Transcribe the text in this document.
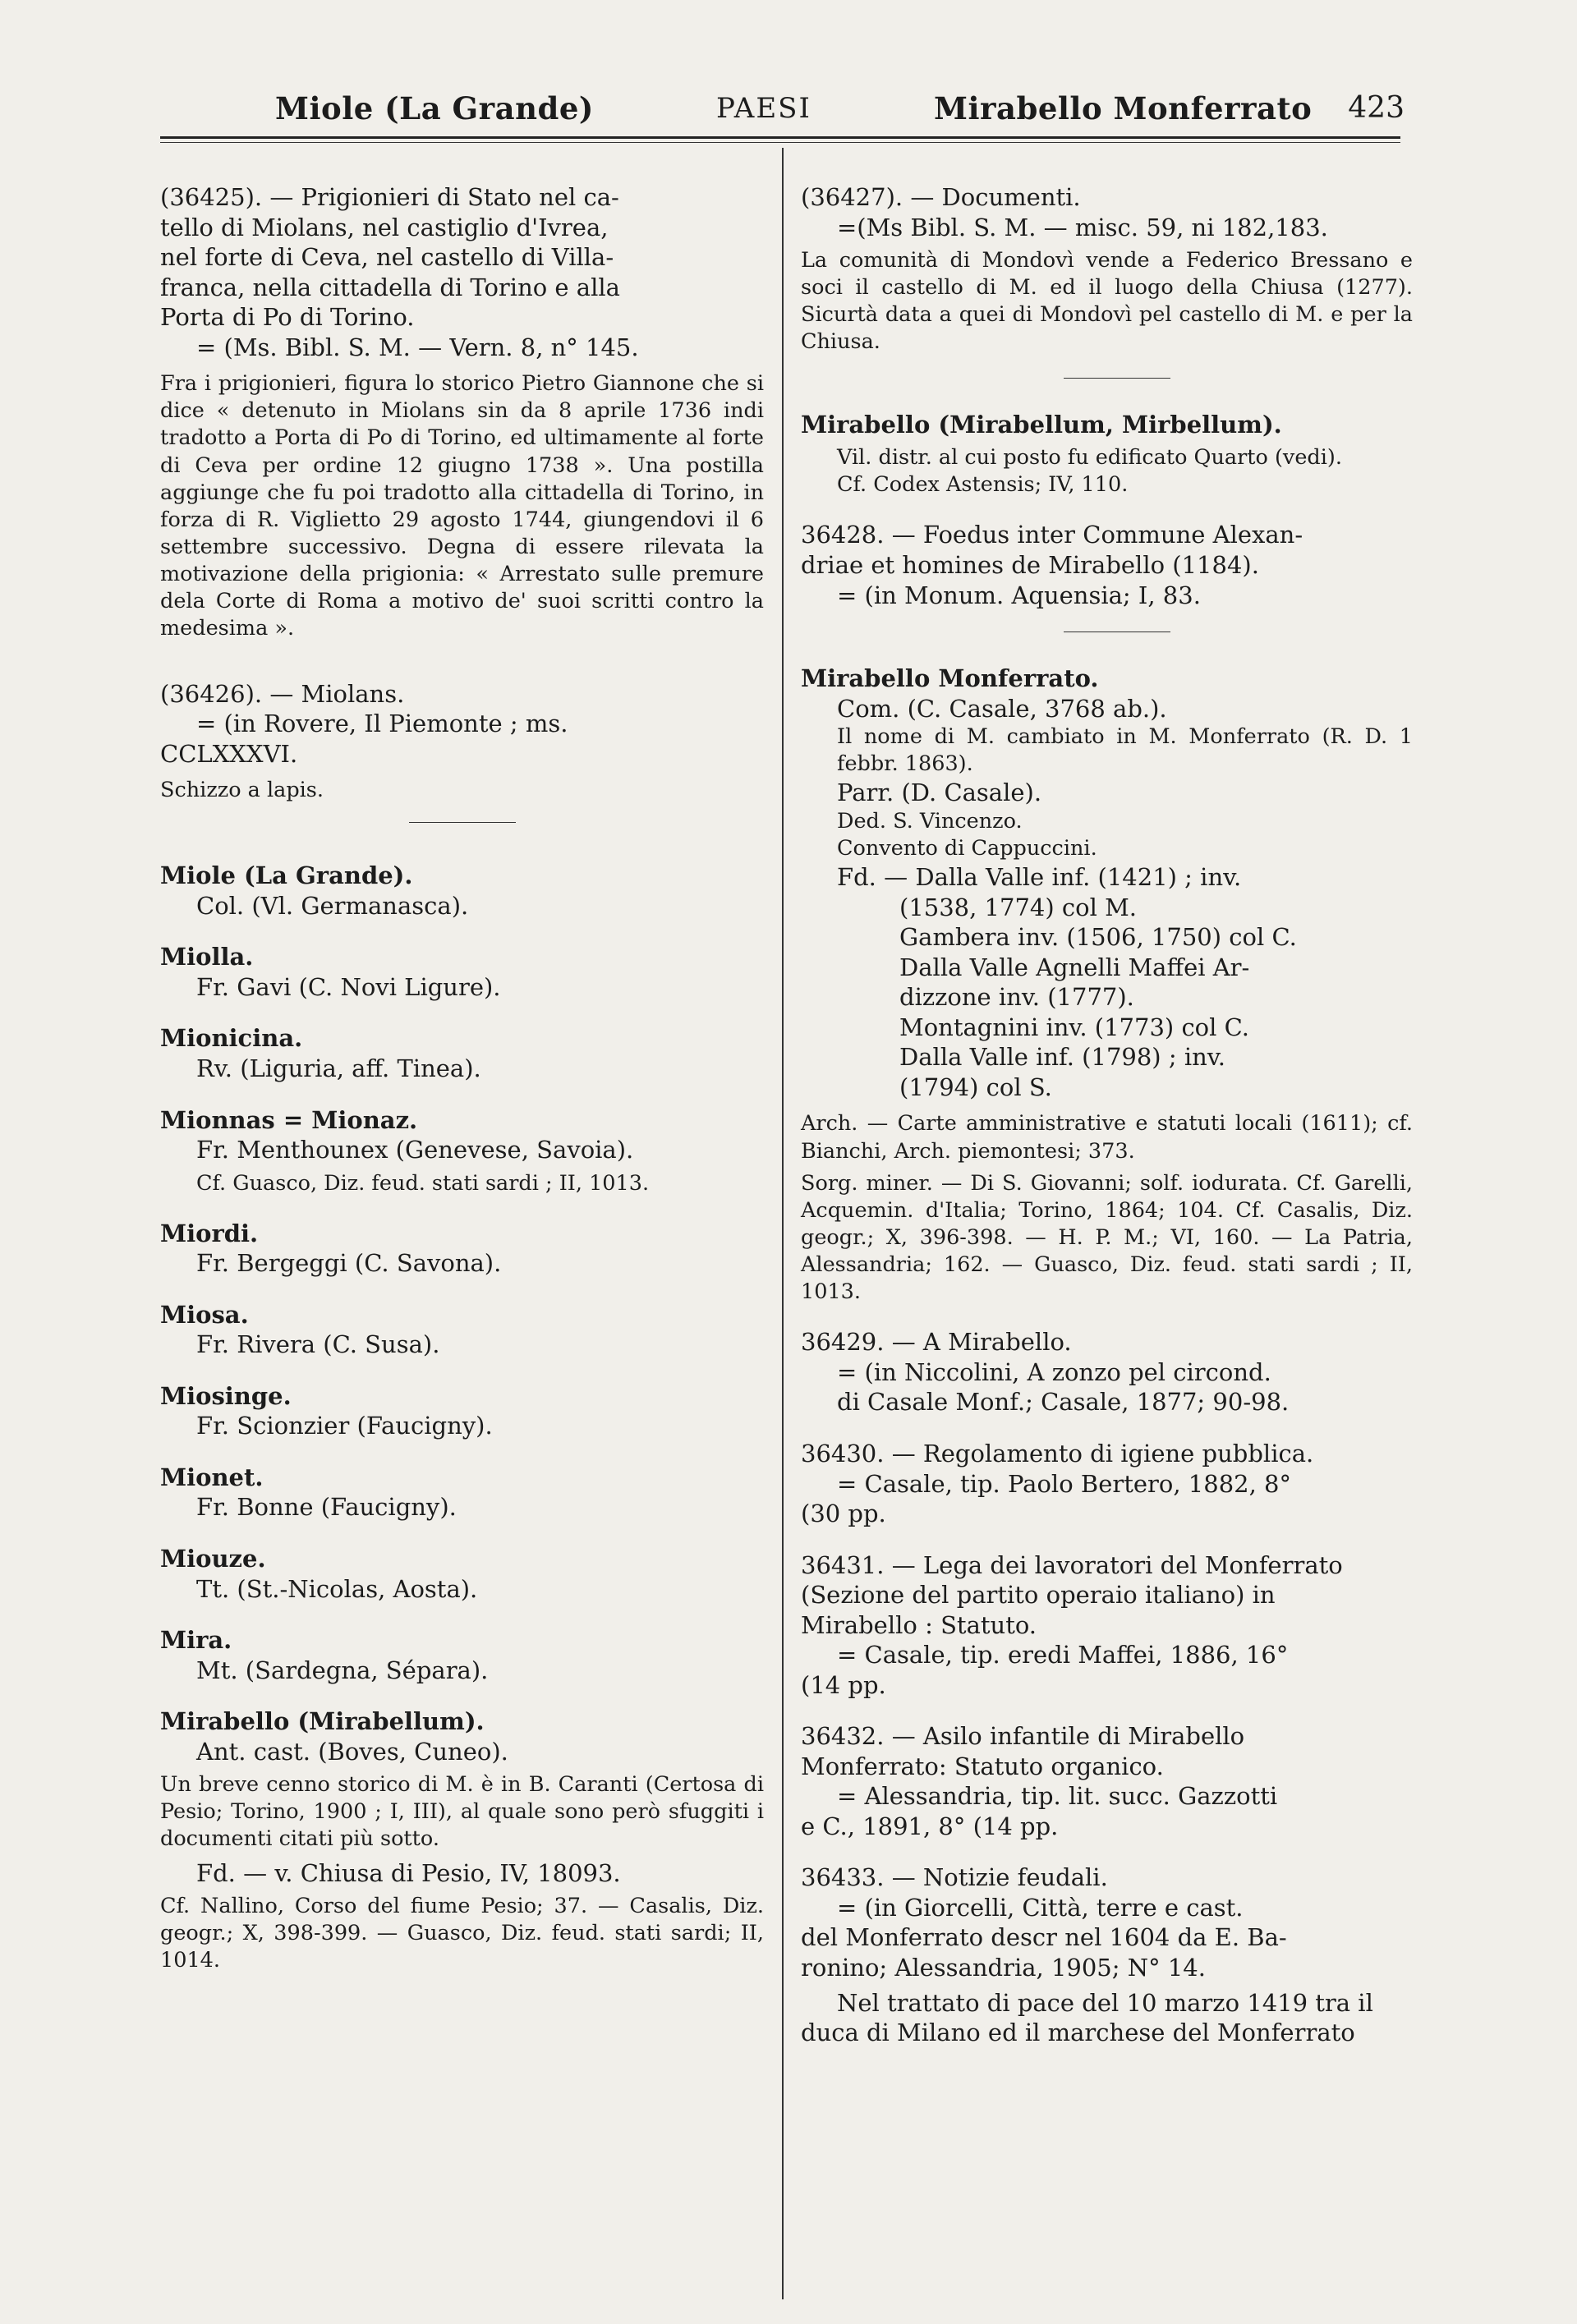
Miole (La Grande)	PAESI	Mirabello Monferrato 423

(36425). — Prigionieri di Stato nel ca-

tello di Miolans, nel castiglio d'Ivrea,

nel forte di Ceva, nel castello di Villa-

franca, nella cittadella di Torino e alla

Porta di Po di Torino.

= (Ms. Bibl. S. M. — Vern. 8, n° 145.

Fra i prigionieri, figura lo storico Pietro Giannone che si dice « detenuto in Miolans sin da 8 aprile 1736 indi tradotto a Porta di Po di Torino, ed ultimamente al forte di Ceva per ordine 12 giugno 1738 ». Una postilla aggiunge che fu poi tradotto alla cittadella di Torino, in forza di R. Viglietto 29 agosto 1744, giungendovi il 6 settembre successivo. Degna di essere rilevata la motivazione della prigionia: « Arrestato sulle premure dela Corte di Roma a motivo de' suoi scritti contro la medesima ».

(36426). — Miolans.

= (in Rovere, Il Piemonte ; ms.

CCLXXXVI.

Schizzo a lapis.

Miole (La Grande).

Col. (Vl. Germanasca).

Miolla.

Fr. Gavi (C. Novi Ligure).

Mionicina.

Rv. (Liguria, aff. Tinea).

Mionnas = Mionaz.

Fr. Menthounex (Genevese, Savoia).

Cf. Guasco, Diz. feud. stati sardi ; II, 1013.

Miordi.

Fr. Bergeggi (C. Savona).

Miosa.

Fr. Rivera (C. Susa).

Miosinge.

Fr. Scionzier (Faucigny).

Mionet.

Fr. Bonne (Faucigny).

Miouze.

Tt. (St.-Nicolas, Aosta).

Mira.

Mt. (Sardegna, Sépara).

Mirabello (Mirabellum).

Ant. cast. (Boves, Cuneo).

Un breve cenno storico di M. è in B. Caranti (Certosa di Pesio; Torino, 1900 ; I, III), al quale sono però sfuggiti i documenti citati più sotto.

Fd. — v. Chiusa di Pesio, IV, 18093.

Cf. Nallino, Corso del fiume Pesio; 37. — Casalis, Diz. geogr.; X, 398-399. — Guasco, Diz. feud. stati sardi; II, 1014.

(36427). — Documenti.

=(Ms Bibl. S. M. — misc. 59, ni 182,183.

La comunità di Mondovì vende a Federico Bressano e soci il castello di M. ed il luogo della Chiusa (1277). Sicurtà data a quei di Mondovì pel castello di M. e per la Chiusa.

Mirabello (Mirabellum, Mirbellum).

Vil. distr. al cui posto fu edificato Quarto (vedi).

Cf. Codex Astensis; IV, 110.

36428. — Foedus inter Commune Alexan-

driae et homines de Mirabello (1184).

= (in Monum. Aquensia; I, 83.

Mirabello Monferrato.

Com. (C. Casale, 3768 ab.).

Il nome di M. cambiato in M. Monferrato (R. D. 1 febbr. 1863).

Parr. (D. Casale).

Ded. S. Vincenzo.

Convento di Cappuccini.

Fd. — Dalla Valle inf. (1421) ; inv.

(1538, 1774) col M.

Gambera inv. (1506, 1750) col C.

Dalla Valle Agnelli Maffei Ar-

dizzone inv. (1777).

Montagnini inv. (1773) col C.

Dalla Valle inf. (1798) ; inv.

(1794) col S.

Arch. — Carte amministrative e statuti locali (1611); cf. Bianchi, Arch. piemontesi; 373.

Sorg. miner. — Di S. Giovanni; solf. iodurata. Cf. Garelli, Acquemin. d'Italia; Torino, 1864; 104. Cf. Casalis, Diz. geogr.; X, 396-398. — H. P. M.; VI, 160. — La Patria, Alessandria; 162. — Guasco, Diz. feud. stati sardi ; II, 1013.

36429. — A Mirabello.

= (in Niccolini, A zonzo pel circond.

di Casale Monf.; Casale, 1877; 90-98.

36430. — Regolamento di igiene pubblica.

= Casale, tip. Paolo Bertero, 1882, 8°

(30 pp.

36431. — Lega dei lavoratori del Monferrato

(Sezione del partito operaio italiano) in

Mirabello : Statuto.

= Casale, tip. eredi Maffei, 1886, 16°

(14 pp.

36432. — Asilo infantile di Mirabello

Monferrato: Statuto organico.

= Alessandria, tip. lit. succ. Gazzotti

e C., 1891, 8° (14 pp.

36433. — Notizie feudali.

= (in Giorcelli, Città, terre e cast.

del Monferrato descr nel 1604 da E. Ba-

ronino; Alessandria, 1905; N° 14.

Nel trattato di pace del 10 marzo 1419 tra il

duca di Milano ed il marchese del Monferrato
